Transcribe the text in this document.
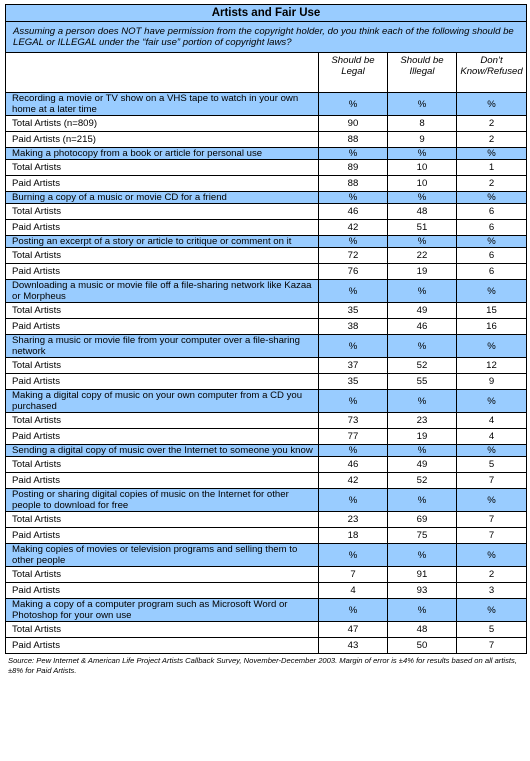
Artists and Fair Use			
Assuming a person does NOT have permission from the copyright holder, do you think each of the following should be LEGAL or ILLEGAL under the “fair use” portion of copyright laws?			
	Should be Legal	Should be Illegal	Don’t Know/Refused
Recording a movie or TV show on a VHS tape to watch in your own home at a later time	%	%	%
Total Artists (n=809)	90	8	2
Paid Artists (n=215)	88	9	2
Making a photocopy from a book or article for personal use	%	%	%
Total Artists	89	10	1
Paid Artists	88	10	2
Burning a copy of a music or movie CD for a friend	%	%	%
Total Artists	46	48	6
Paid Artists	42	51	6
Posting an excerpt of a story or article to critique or comment on it	%	%	%
Total Artists	72	22	6
Paid Artists	76	19	6
Downloading a music or movie file off a file-sharing network like Kazaa or Morpheus	%	%	%
Total Artists	35	49	15
Paid Artists	38	46	16
Sharing a music or movie file from your computer over a file-sharing network	%	%	%
Total Artists	37	52	12
Paid Artists	35	55	9
Making a digital copy of music on your own computer from a CD you purchased	%	%	%
Total Artists	73	23	4
Paid Artists	77	19	4
Sending a digital copy of music over the Internet to someone you know	%	%	%
Total Artists	46	49	5
Paid Artists	42	52	7
Posting or sharing digital copies of music on the Internet for other people to download for free	%	%	%
Total Artists	23	69	7
Paid Artists	18	75	7
Making copies of movies or television programs and selling them to other people	%	%	%
Total Artists	7	91	2
Paid Artists	4	93	3
Making a copy of a computer program such as Microsoft Word or Photoshop for your own use	%	%	%
Total Artists	47	48	5
Paid Artists	43	50	7
Source: Pew Internet & American Life Project Artists Callback Survey, November-December 2003. Margin of error is ±4% for results based on all artists, ±8% for Paid Artists.
